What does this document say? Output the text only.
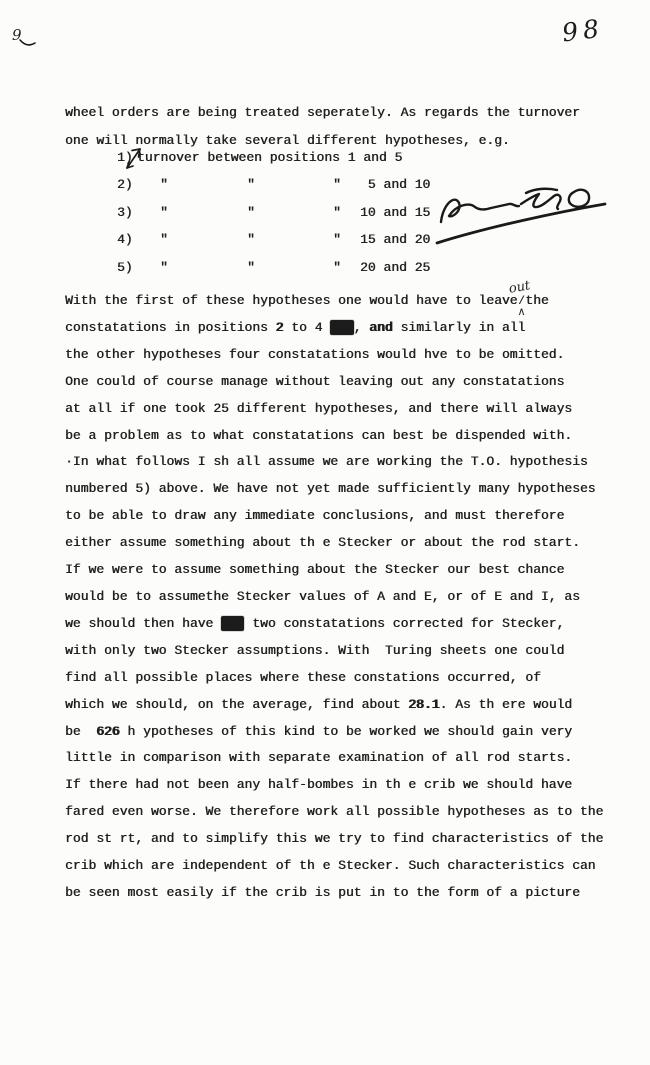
9	98
wheel orders are being treated seperately. As regards the turnover
one will normally take several different hypotheses, e.g.
1) turnover between positions 1 and 5
2) "	"	" 5 and 10
3) "	"	" 10 and 15
4) "	"	" 15 and 20
5) "	"	" 20 and 25
With the first of these hypotheses one would have to leave∕
∧
out
the
constatations in positions 2 to 4 out, and similarly in all
the other hypotheses four constatations would hve to be omitted.
One could of course manage without leaving out any constatations
at all if one took 25 different hypotheses, and there will always
be a problem as to what constatations can best be dispended with.
·In what follows I sh all assume we are working the T.O. hypothesis
numbered 5) above. We have not yet made sufficiently many hypotheses
to be able to draw any immediate conclusions, and must therefore
either assume something about th e Stecker or about the rod start.
If we were to assume something about the Stecker our best chance
would be to assumethe Stecker values of A and E, or of E and I, as
we should then have thm two constatations corrected for Stecker,
with only two Stecker assumptions. With  Turing sheets one could
find all possible places where these constations occurred, of
which we should, on the average, find about 28.1. As th ere would
be  626 h ypotheses of this kind to be worked we should gain very
little in comparison with separate examination of all rod starts.
If there had not been any half-bombes in th e crib we should have
fared even worse. We therefore work all possible hypotheses as to the
rod st rt, and to simplify this we try to find characteristics of the
crib which are independent of th e Stecker. Such characteristics can
be seen most easily if the crib is put in to the form of a picture
